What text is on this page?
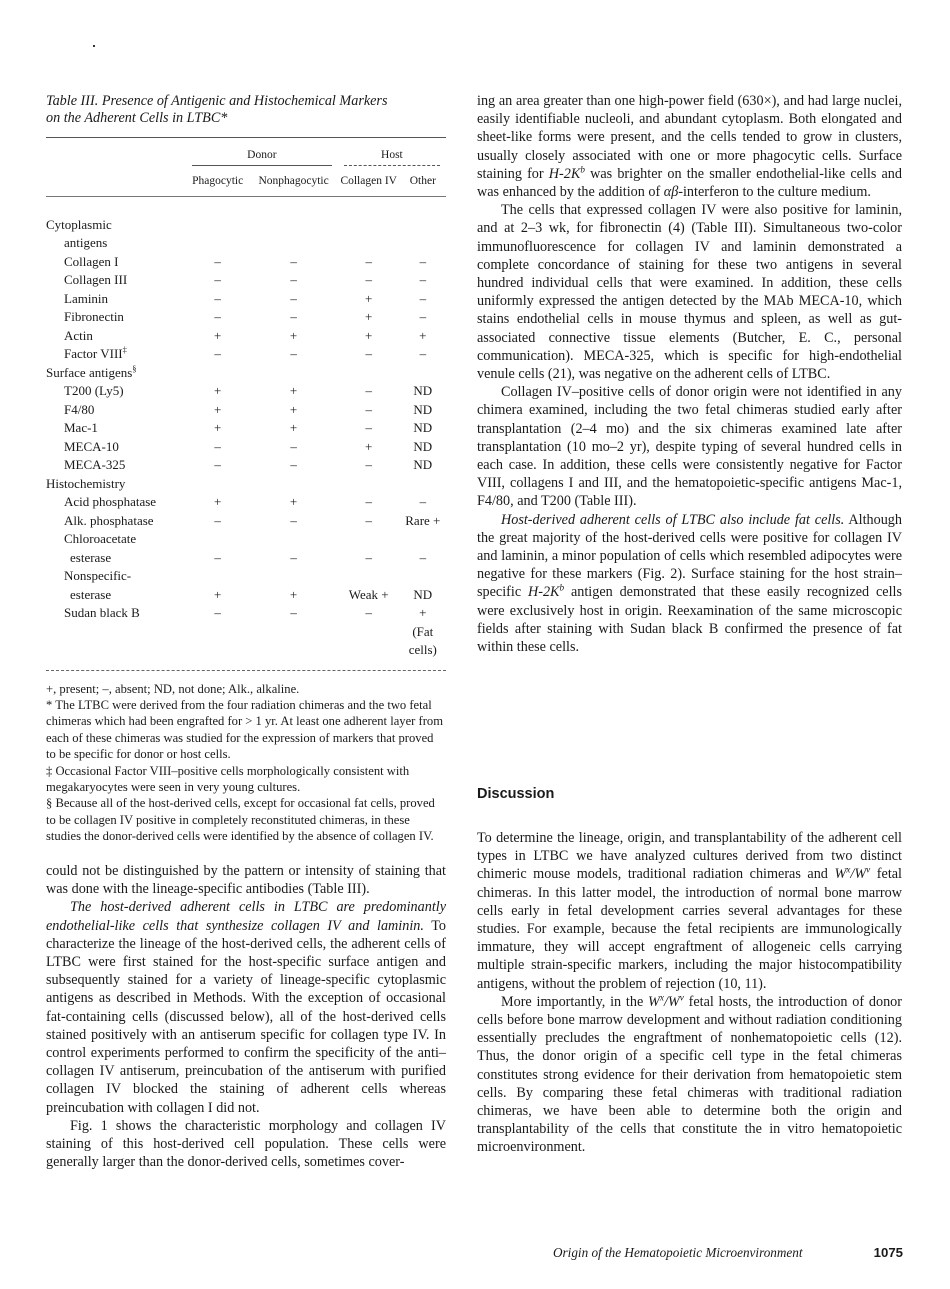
Table III. Presence of Antigenic and Histochemical Markers
on the Adherent Cells in LTBC*

	Donor		Host	

	Phagocytic	Nonphagocytic	Collagen IV	Other

Cytoplasmic				
antigens				
Collagen I	–	–	–	–
Collagen III	–	–	–	–
Laminin	–	–	+	–
Fibronectin	–	–	+	–
Actin	+	+	+	+
Factor VIII‡	–	–	–	–
Surface antigens§				
T200 (Ly5)	+	+	–	ND
F4/80	+	+	–	ND
Mac-1	+	+	–	ND
MECA-10	–	–	+	ND
MECA-325	–	–	–	ND
Histochemistry				
Acid phosphatase	+	+	–	–
Alk. phosphatase	–	–	–	Rare +
Chloroacetate				
esterase	–	–	–	–
Nonspecific-				
esterase	+	+	Weak +	ND
Sudan black B	–	–	–	+
				(Fat cells)

+, present; –, absent; ND, not done; Alk., alkaline.

* The LTBC were derived from the four radiation chimeras and the two fetal chimeras which had been engrafted for > 1 yr. At least one adherent layer from each of these chimeras was studied for the expression of markers that proved to be specific for donor or host cells.

‡ Occasional Factor VIII–positive cells morphologically consistent with megakaryocytes were seen in very young cultures.

§ Because all of the host-derived cells, except for occasional fat cells, proved to be collagen IV positive in completely reconstituted chimeras, in these studies the donor-derived cells were identified by the absence of collagen IV.

could not be distinguished by the pattern or intensity of staining that was done with the lineage-specific antibodies (Table III).

The host-derived adherent cells in LTBC are predominantly endothelial-like cells that synthesize collagen IV and laminin. To characterize the lineage of the host-derived cells, the adherent cells of LTBC were first stained for the host-specific surface antigen and subsequently stained for a variety of lineage-specific cytoplasmic antigens as described in Methods. With the exception of occasional fat-containing cells (discussed below), all of the host-derived cells stained positively with an antiserum specific for collagen type IV. In control experiments performed to confirm the specificity of the anti–collagen IV antiserum, preincubation of the antiserum with purified collagen IV blocked the staining of adherent cells whereas preincubation with collagen I did not.

Fig. 1 shows the characteristic morphology and collagen IV staining of this host-derived cell population. These cells were generally larger than the donor-derived cells, sometimes cover-

ing an area greater than one high-power field (630×), and had large nuclei, easily identifiable nucleoli, and abundant cytoplasm. Both elongated and sheet-like forms were present, and the cells tended to grow in clusters, usually closely associated with one or more phagocytic cells. Surface staining for $H-2K^b$ was brighter on the smaller endothelial-like cells and was enhanced by the addition of αβ-interferon to the culture medium.

The cells that expressed collagen IV were also positive for laminin, and at 2–3 wk, for fibronectin (4) (Table III). Simultaneous two-color immunofluorescence for collagen IV and laminin demonstrated a complete concordance of staining for these two antigens in several hundred individual cells that were examined. In addition, these cells uniformly expressed the antigen detected by the MAb MECA-10, which stains endothelial cells in mouse thymus and spleen, as well as gut-associated connective tissue elements (Butcher, E. C., personal communication). MECA-325, which is specific for high-endothelial venule cells (21), was negative on the adherent cells of LTBC.

Collagen IV–positive cells of donor origin were not identified in any chimera examined, including the two fetal chimeras studied early after transplantation (2–4 mo) and the six chimeras examined late after transplantation (10 mo–2 yr), despite typing of several hundred cells in each case. In addition, these cells were consistently negative for Factor VIII, collagens I and III, and the hematopoietic-specific antigens Mac-1, F4/80, and T200 (Table III).

Host-derived adherent cells of LTBC also include fat cells. Although the great majority of the host-derived cells were positive for collagen IV and laminin, a minor population of cells which resembled adipocytes were negative for these markers (Fig. 2). Surface staining for the host strain–specific $H-2K^b$ antigen demonstrated that these easily recognized cells were exclusively host in origin. Reexamination of the same microscopic fields after staining with Sudan black B confirmed the presence of fat within these cells.

Discussion

To determine the lineage, origin, and transplantability of the adherent cell types in LTBC we have analyzed cultures derived from two distinct chimeric mouse models, traditional radiation chimeras and $W^x/W^v$ fetal chimeras. In this latter model, the introduction of normal bone marrow cells early in fetal development carries several advantages for these studies. For example, because the fetal recipients are immunologically immature, they will accept engraftment of allogeneic cells carrying multiple strain-specific markers, including the major histocompatibility antigens, without the problem of rejection (10, 11).

More importantly, in the $W^x/W^v$ fetal hosts, the introduction of donor cells before bone marrow development and without radiation conditioning essentially precludes the engraftment of nonhematopoietic cells (12). Thus, the donor origin of a specific cell type in the fetal chimeras constitutes strong evidence for their derivation from hematopoietic stem cells. By comparing these fetal chimeras with traditional radiation chimeras, we have been able to determine both the origin and transplantability of the cells that constitute the in vitro hematopoietic microenvironment.

Origin of the Hematopoietic Microenvironment	1075
